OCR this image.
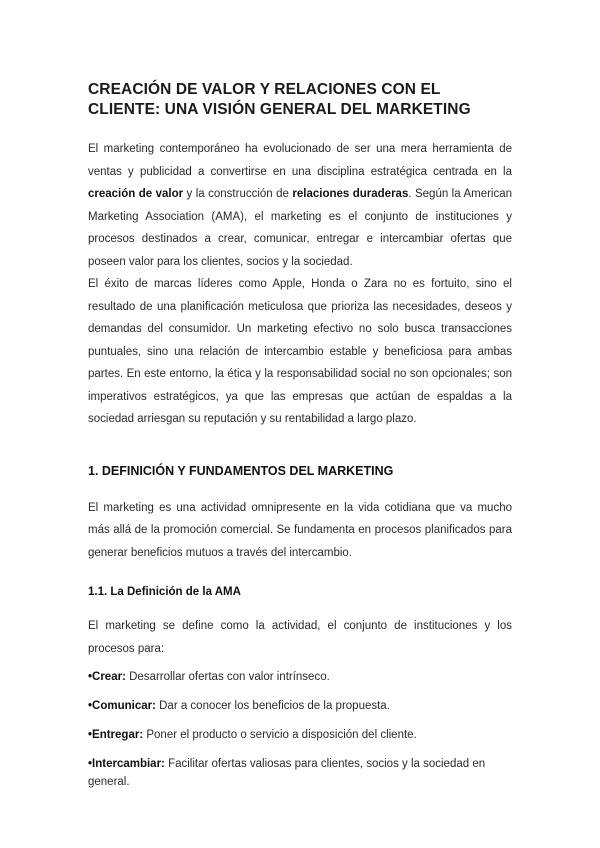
CREACIÓN DE VALOR Y RELACIONES CON EL CLIENTE: UNA VISIÓN GENERAL DEL MARKETING

El marketing contemporáneo ha evolucionado de ser una mera herramienta de ventas y publicidad a convertirse en una disciplina estratégica centrada en la creación de valor y la construcción de relaciones duraderas. Según la American Marketing Association (AMA), el marketing es el conjunto de instituciones y procesos destinados a crear, comunicar, entregar e intercambiar ofertas que poseen valor para los clientes, socios y la sociedad.

El éxito de marcas líderes como Apple, Honda o Zara no es fortuito, sino el resultado de una planificación meticulosa que prioriza las necesidades, deseos y demandas del consumidor. Un marketing efectivo no solo busca transacciones puntuales, sino una relación de intercambio estable y beneficiosa para ambas partes. En este entorno, la ética y la responsabilidad social no son opcionales; son imperativos estratégicos, ya que las empresas que actúan de espaldas a la sociedad arriesgan su reputación y su rentabilidad a largo plazo.

1. DEFINICIÓN Y FUNDAMENTOS DEL MARKETING

El marketing es una actividad omnipresente en la vida cotidiana que va mucho más allá de la promoción comercial. Se fundamenta en procesos planificados para generar beneficios mutuos a través del intercambio.

1.1. La Definición de la AMA

El marketing se define como la actividad, el conjunto de instituciones y los procesos para:

•Crear: Desarrollar ofertas con valor intrínseco.
•Comunicar: Dar a conocer los beneficios de la propuesta.
•Entregar: Poner el producto o servicio a disposición del cliente.
•Intercambiar: Facilitar ofertas valiosas para clientes, socios y la sociedad en general.
